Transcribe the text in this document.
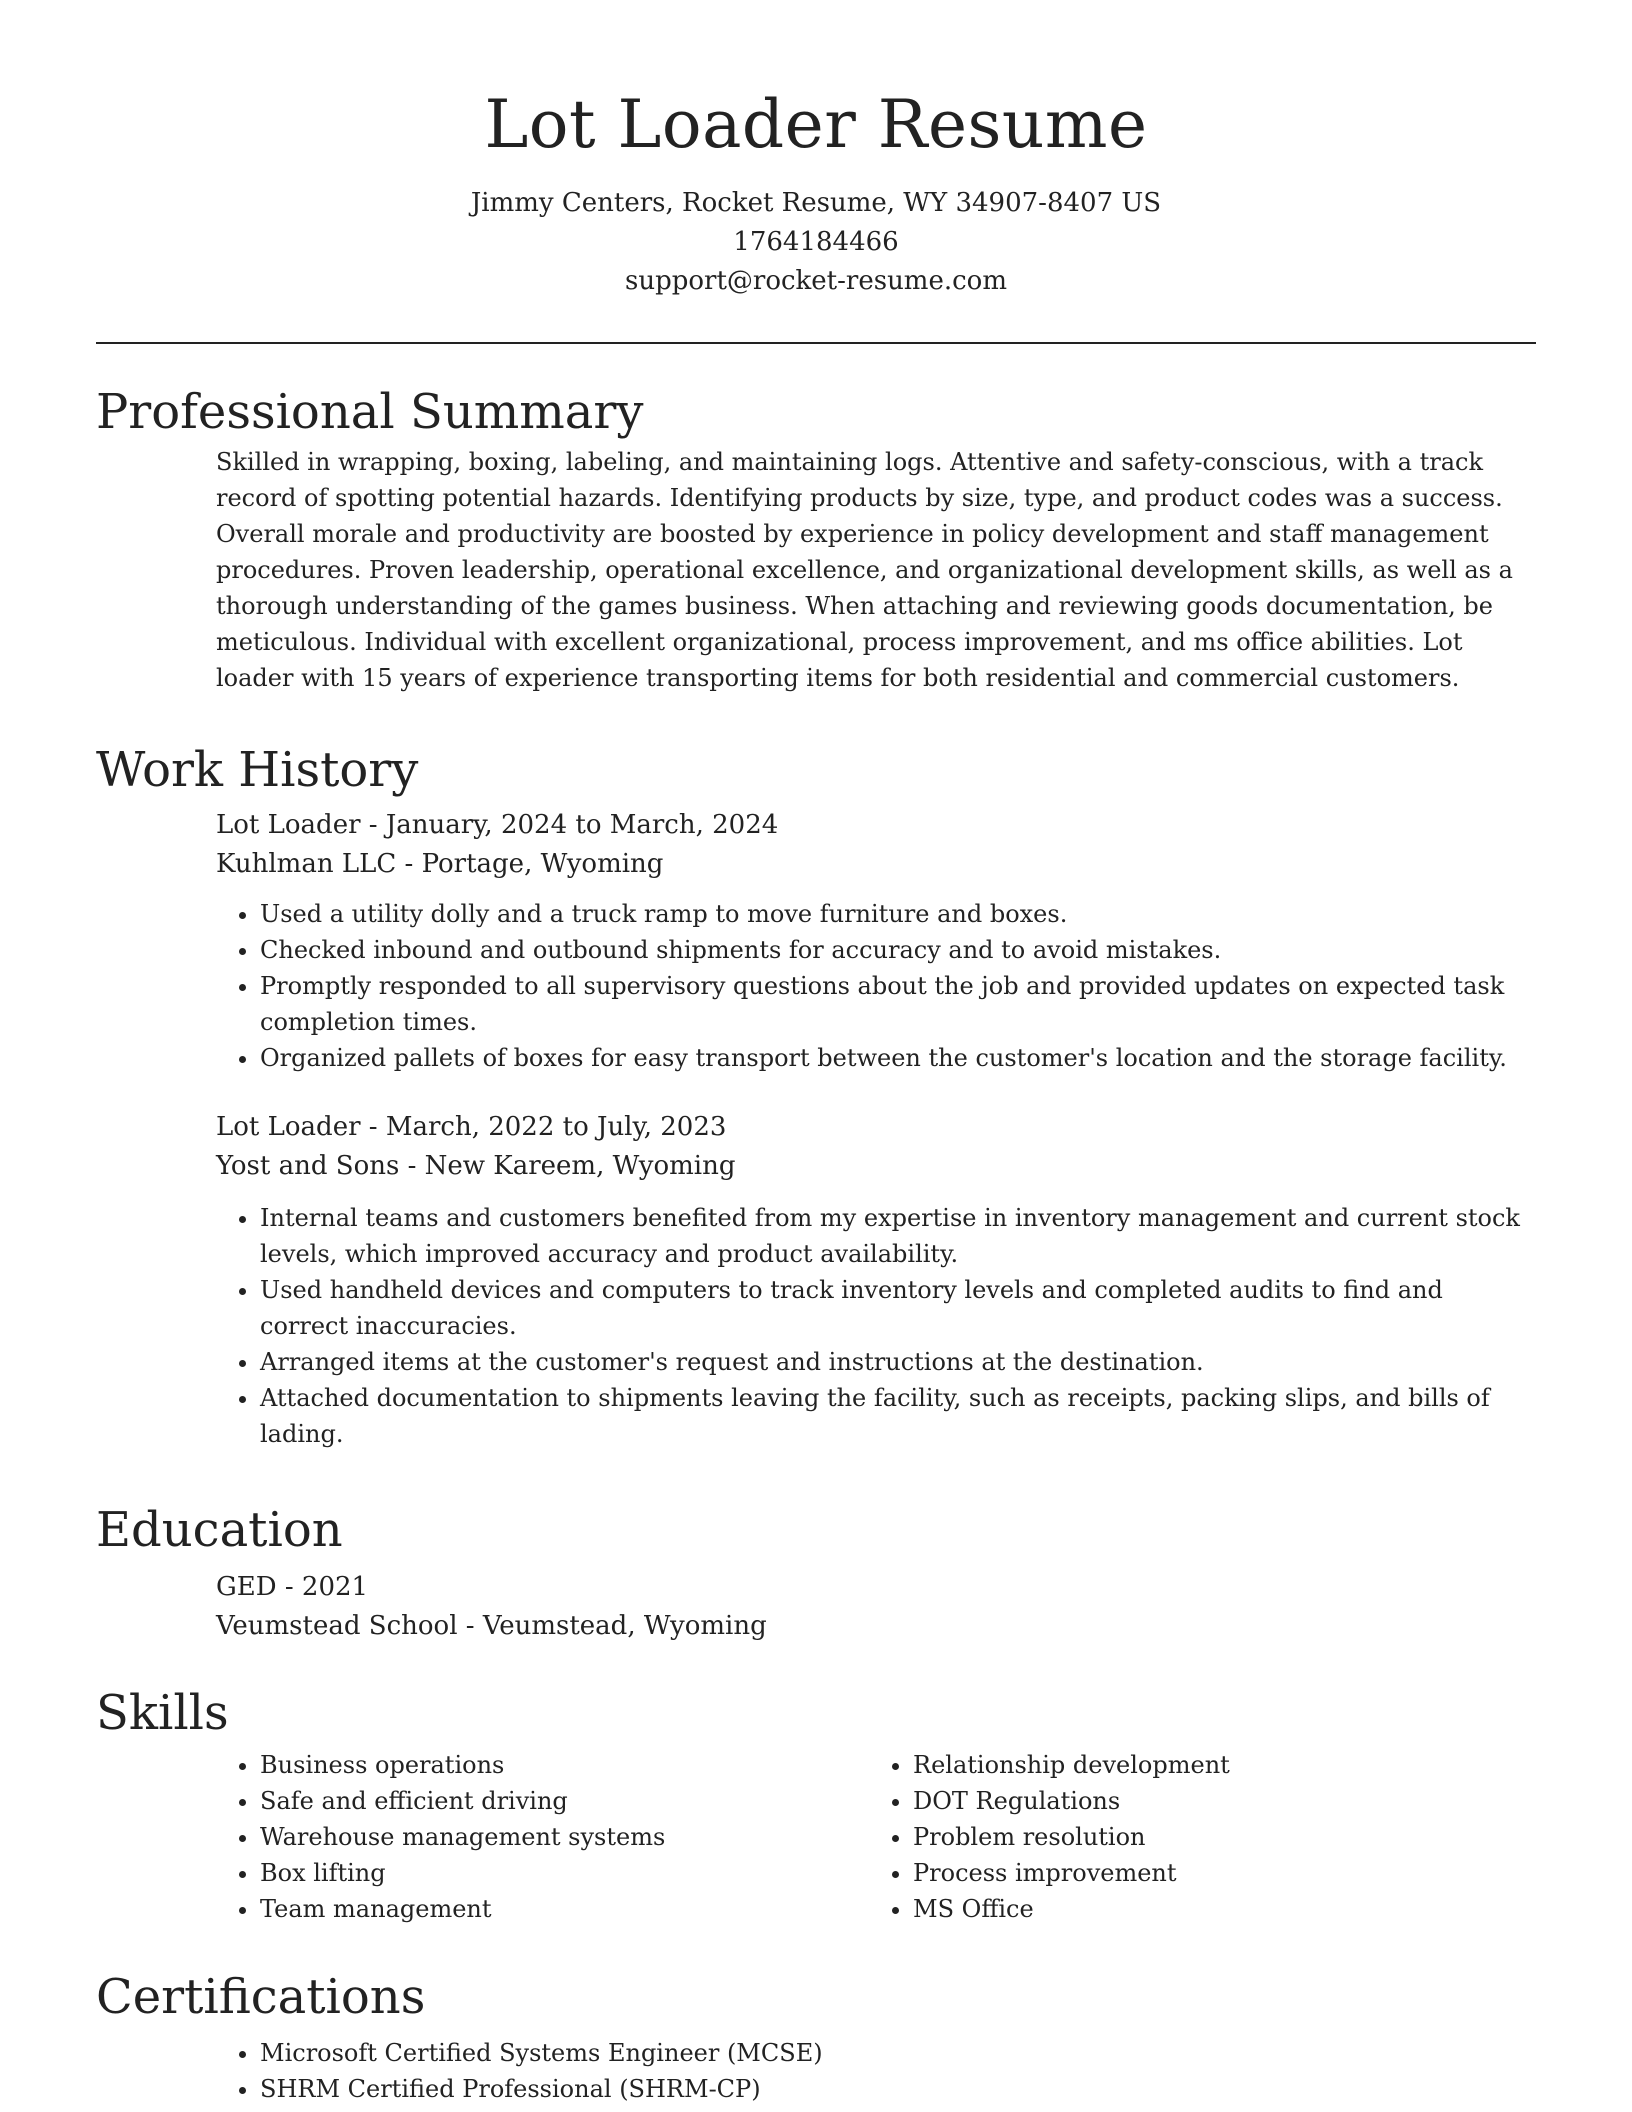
Lot Loader Resume
Jimmy Centers, Rocket Resume, WY 34907-8407 US
1764184466
support@rocket-resume.com
Professional Summary

Skilled in wrapping, boxing, labeling, and maintaining logs. Attentive and safety-conscious, with a track record of spotting potential hazards. Identifying products by size, type, and product codes was a success. Overall morale and productivity are boosted by experience in policy development and staff management procedures. Proven leadership, operational excellence, and organizational development skills, as well as a thorough understanding of the games business. When attaching and reviewing goods documentation, be meticulous. Individual with excellent organizational, process improvement, and ms office abilities. Lot loader with 15 years of experience transporting items for both residential and commercial customers.

Work History
Lot Loader - January, 2024 to March, 2024
Kuhlman LLC - Portage, Wyoming
• Used a utility dolly and a truck ramp to move furniture and boxes.
• Checked inbound and outbound shipments for accuracy and to avoid mistakes.
• Promptly responded to all supervisory questions about the job and provided updates on expected task completion times.
• Organized pallets of boxes for easy transport between the customer's location and the storage facility.
Lot Loader - March, 2022 to July, 2023
Yost and Sons - New Kareem, Wyoming
• Internal teams and customers benefited from my expertise in inventory management and current stock levels, which improved accuracy and product availability.
• Used handheld devices and computers to track inventory levels and completed audits to find and correct inaccuracies.
• Arranged items at the customer's request and instructions at the destination.
• Attached documentation to shipments leaving the facility, such as receipts, packing slips, and bills of lading.
Education
GED - 2021
Veumstead School - Veumstead, Wyoming
Skills
• Business operations
• Safe and efficient driving
• Warehouse management systems
• Box lifting
• Team management
• Relationship development
• DOT Regulations
• Problem resolution
• Process improvement
• MS Office
Certifications
• Microsoft Certified Systems Engineer (MCSE)
• SHRM Certified Professional (SHRM-CP)
